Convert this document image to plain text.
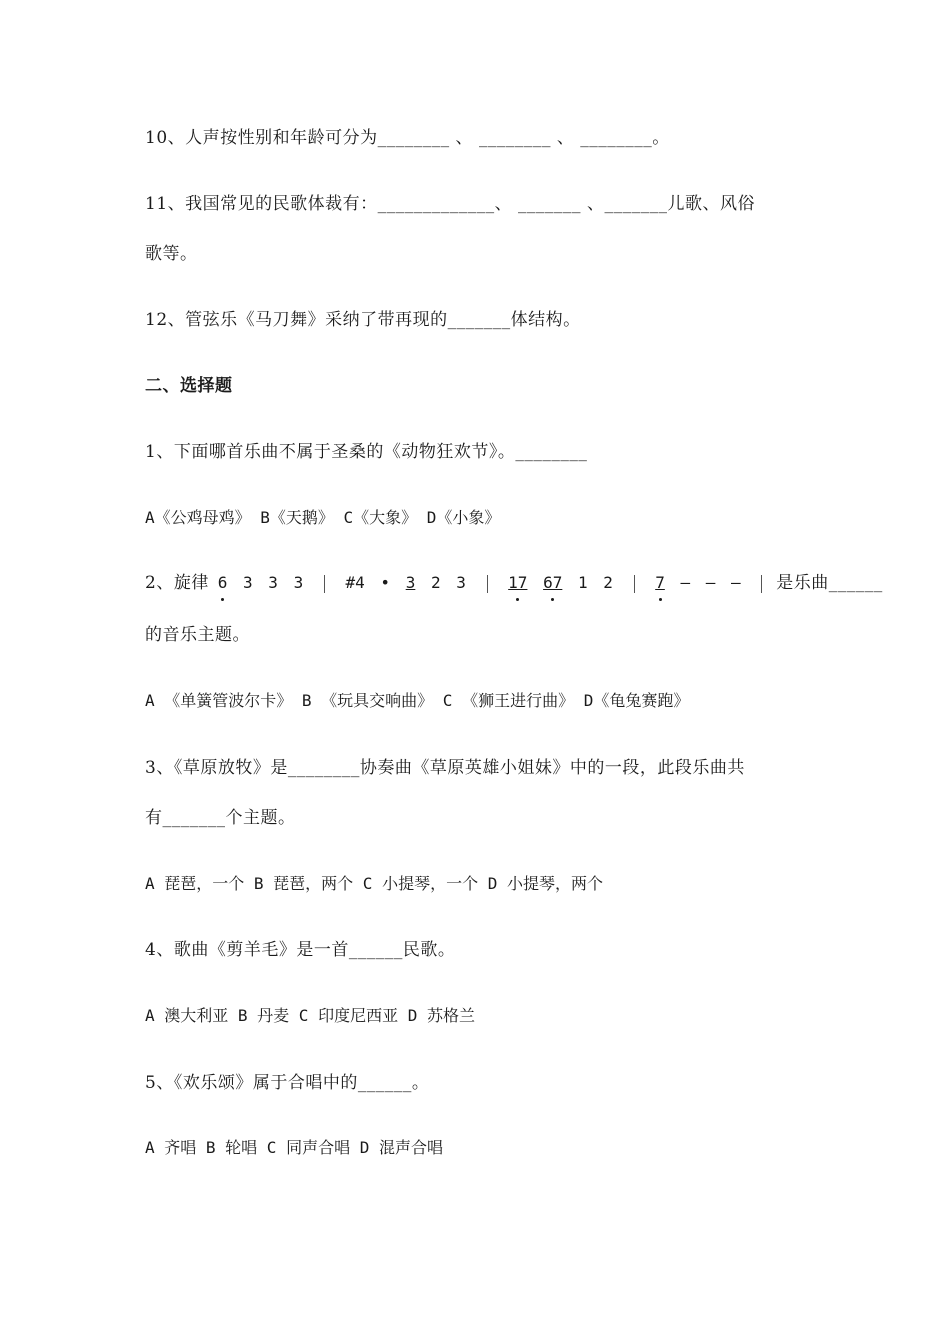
10、人声按性别和年龄可分为________ 、 ________ 、 ________。
11、我国常见的民歌体裁有：_____________、 _______ 、_______儿歌、风俗
歌等。
12、管弦乐《马刀舞》采纳了带再现的_______体结构。
二、选择题
1、下面哪首乐曲不属于圣桑的《动物狂欢节》。________
A《公鸡母鸡》 B《天鹅》 C《大象》 D《小象》
2、旋律 6 3 3 3	#4 • 3 2 3	17 67 1 2	7 — — — 是乐曲______
的音乐主题。
A 《单簧管波尔卡》 B 《玩具交响曲》 C 《狮王进行曲》 D《龟兔赛跑》
3、《草原放牧》是________协奏曲《草原英雄小姐妹》中的一段，此段乐曲共
有_______个主题。
A 琵琶，一个 B 琵琶，两个 C 小提琴，一个 D 小提琴，两个
4、歌曲《剪羊毛》是一首______民歌。
A 澳大利亚 B 丹麦 C 印度尼西亚 D 苏格兰
5、《欢乐颂》属于合唱中的______。
A 齐唱 B 轮唱 C 同声合唱 D 混声合唱
